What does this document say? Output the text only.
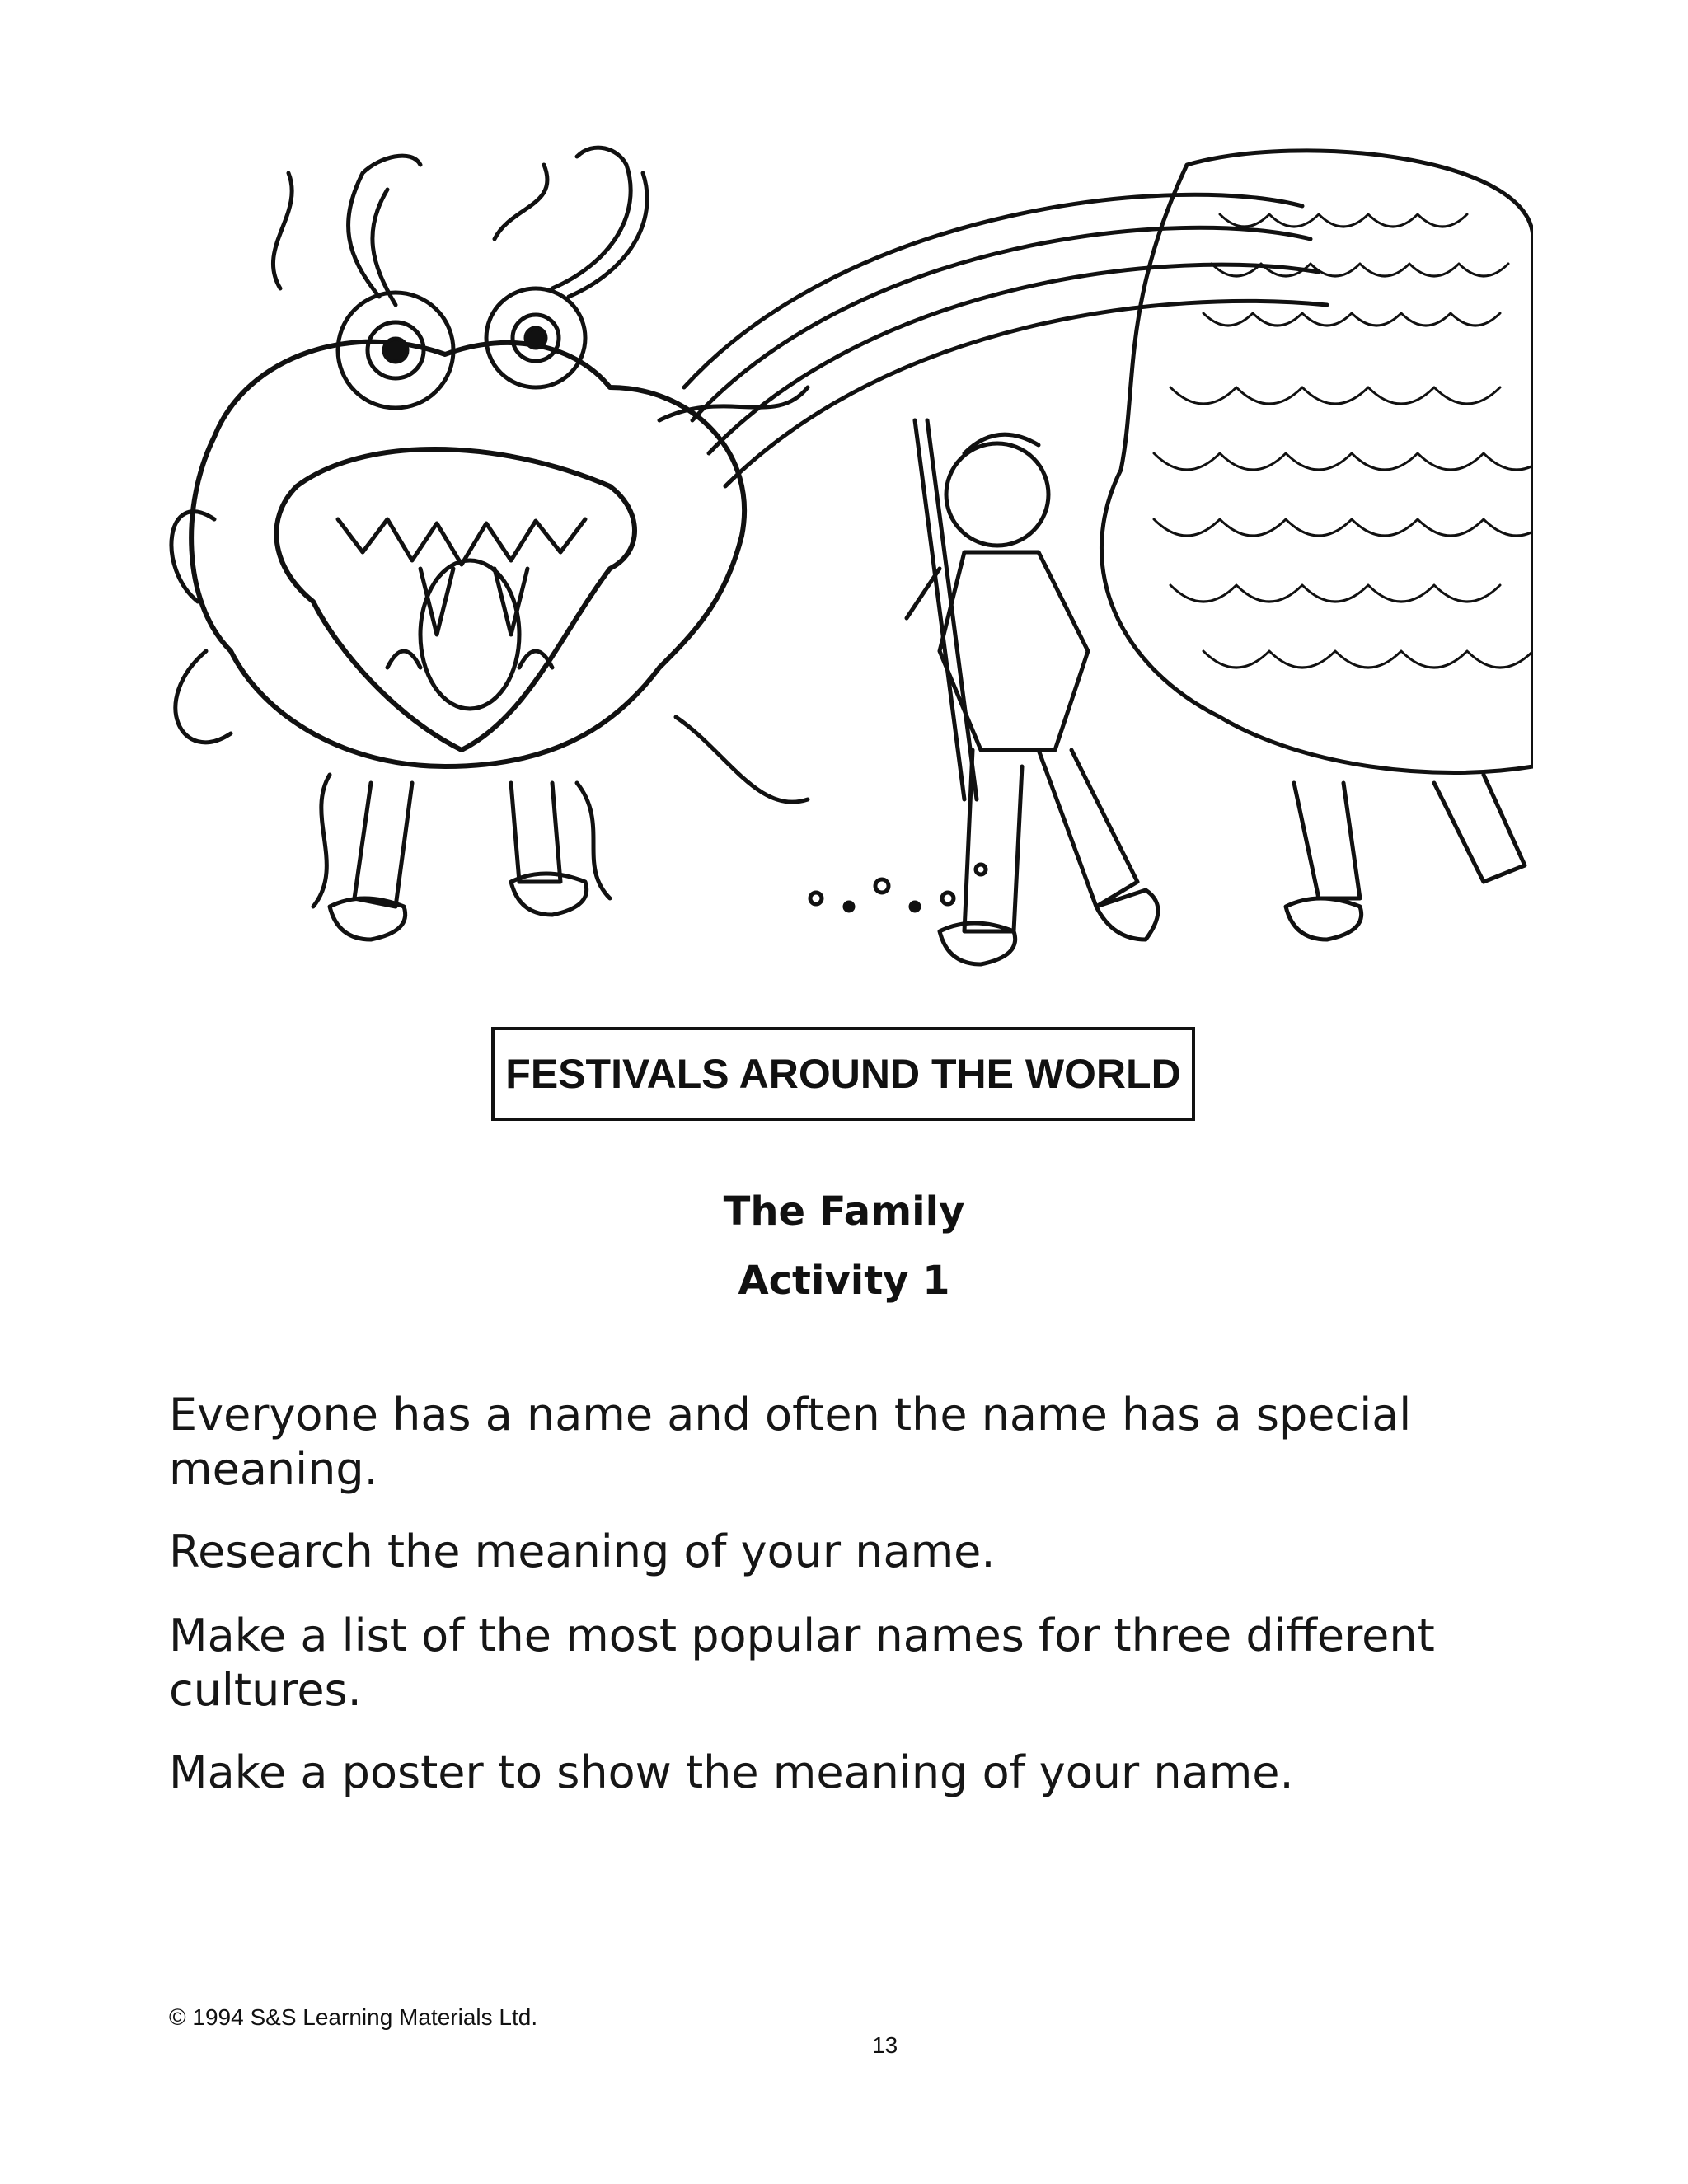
FESTIVALS AROUND THE WORLD
The Family
Activity 1
Everyone has a name and often the name has a special meaning.
Research the meaning of your name.
Make a list of the most popular names for three different cultures.
Make a poster to show the meaning of your name.
© 1994 S&S Learning Materials Ltd.
13
